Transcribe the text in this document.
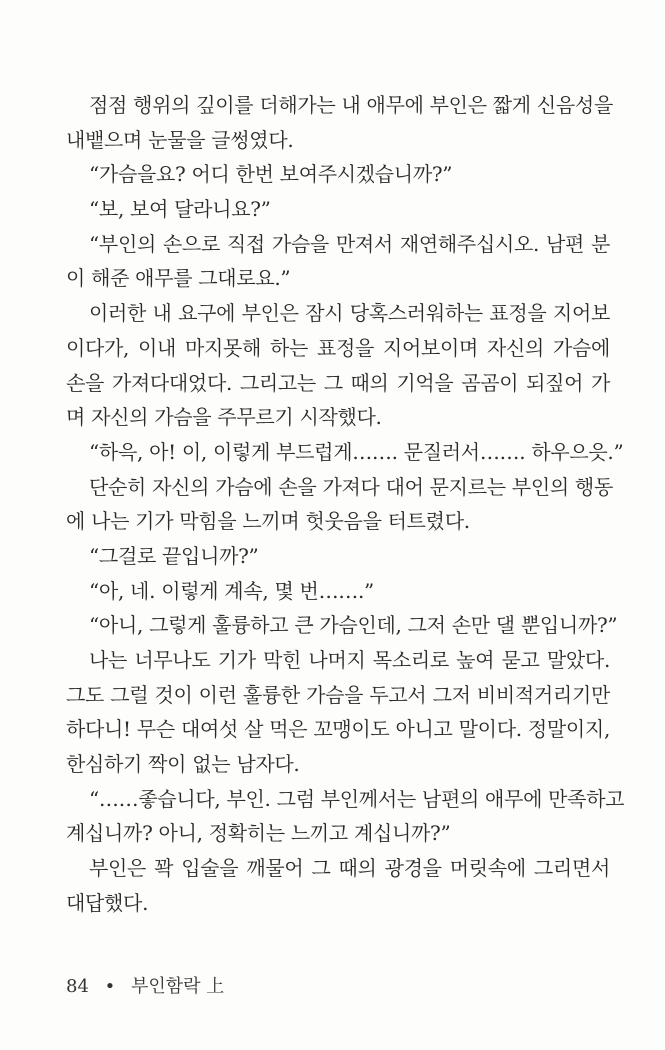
점점 행위의 깊이를 더해가는 내 애무에 부인은 짧게 신음성을
내뱉으며 눈물을 글썽였다.
“가슴을요? 어디 한번 보여주시겠습니까?”
“보, 보여 달라니요?”
“부인의 손으로 직접 가슴을 만져서 재연해주십시오. 남편 분
이 해준 애무를 그대로요.”
이러한 내 요구에 부인은 잠시 당혹스러워하는 표정을 지어보
이다가, 이내 마지못해 하는 표정을 지어보이며 자신의 가슴에
손을 가져다대었다. 그리고는 그 때의 기억을 곰곰이 되짚어 가
며 자신의 가슴을 주무르기 시작했다.
“하윽, 아! 이, 이렇게 부드럽게……. 문질러서……. 하우으읏.”
단순히 자신의 가슴에 손을 가져다 대어 문지르는 부인의 행동
에 나는 기가 막힘을 느끼며 헛웃음을 터트렸다.
“그걸로 끝입니까?”
“아, 네. 이렇게 계속, 몇 번…….”
“아니, 그렇게 훌륭하고 큰 가슴인데, 그저 손만 댈 뿐입니까?”
나는 너무나도 기가 막힌 나머지 목소리로 높여 묻고 말았다.
그도 그럴 것이 이런 훌륭한 가슴을 두고서 그저 비비적거리기만
하다니! 무슨 대여섯 살 먹은 꼬맹이도 아니고 말이다. 정말이지,
한심하기 짝이 없는 남자다.
“……좋습니다, 부인. 그럼 부인께서는 남편의 애무에 만족하고
계십니까? 아니, 정확히는 느끼고 계십니까?”
부인은 꽉 입술을 깨물어 그 때의 광경을 머릿속에 그리면서
대답했다.
84 • 부인함락 上
